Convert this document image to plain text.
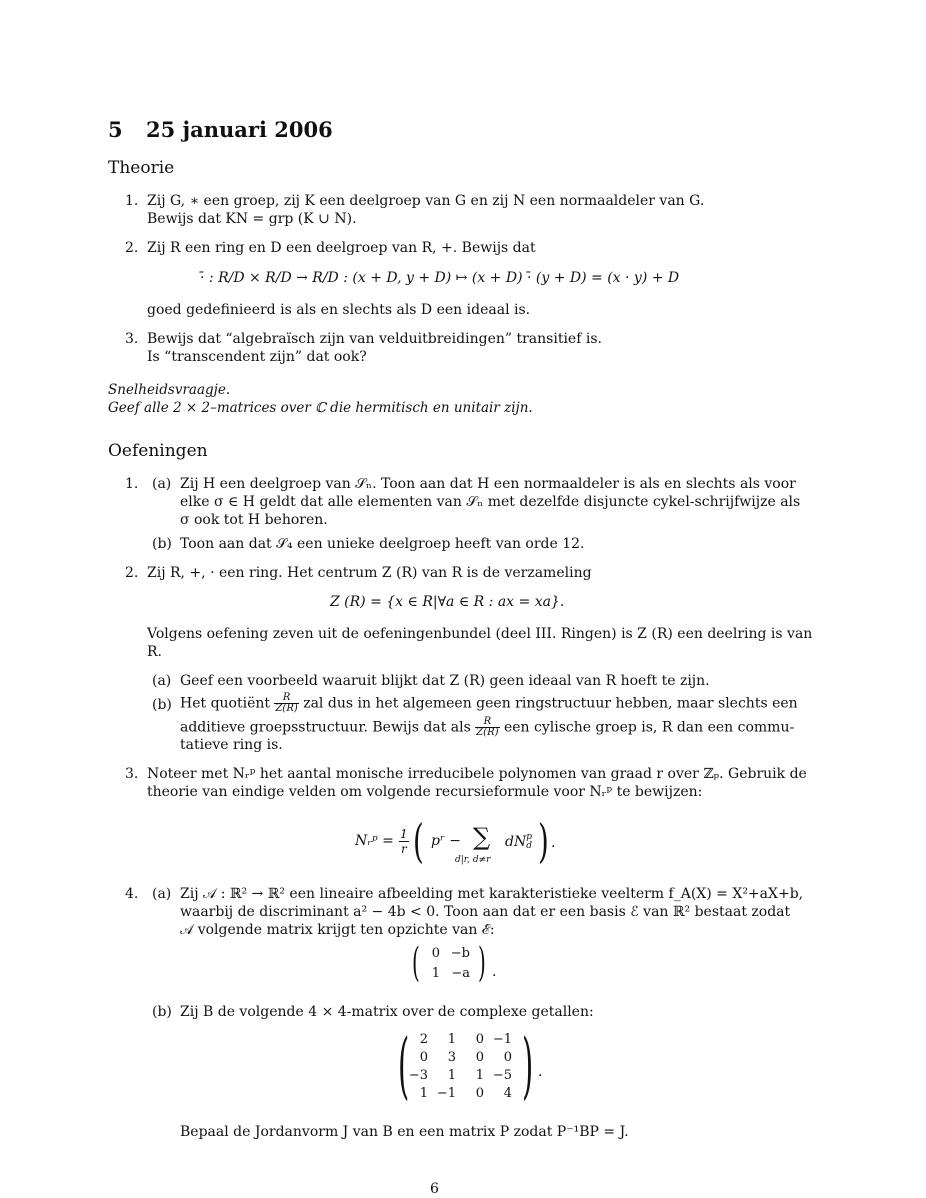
5 25 januari 2006
Theorie
1. Zij G, ∗ een groep, zij K een deelgroep van G en zij N een normaaldeler van G.
Bewijs dat KN = grp (K ∪ N).
2. Zij R een ring en D een deelgroep van R, +. Bewijs dat
·̄ : R/D × R/D → R/D : (x + D, y + D) ↦ (x + D) ·̄ (y + D) = (x · y) + D
goed gedefinieerd is als en slechts als D een ideaal is.
3. Bewijs dat “algebraïsch zijn van velduitbreidingen” transitief is.
Is “transcendent zijn” dat ook?
Snelheidsvraagje.
Geef alle 2 × 2–matrices over ℂ die hermitisch en unitair zijn.
Oefeningen
1. (a) Zij H een deelgroep van 𝒮ₙ. Toon aan dat H een normaaldeler is als en slechts als voor
elke σ ∈ H geldt dat alle elementen van 𝒮ₙ met dezelfde disjuncte cykel-schrijfwijze als
σ ook tot H behoren.
(b) Toon aan dat 𝒮₄ een unieke deelgroep heeft van orde 12.
2. Zij R, +, · een ring. Het centrum Z (R) van R is de verzameling
Z (R) = {x ∈ R|∀a ∈ R : ax = xa}.
Volgens oefening zeven uit de oefeningenbundel (deel III. Ringen) is Z (R) een deelring is van
R.
(a) Geef een voorbeeld waaruit blijkt dat Z (R) geen ideaal van R hoeft te zijn.
(b) Het quotiënt $\frac{R}{Z(R)}$ zal dus in het algemeen geen ringstructuur hebben, maar slechts een
additieve groepsstructuur. Bewijs dat als $\frac{R}{Z(R)}$ een cylische groep is, R dan een commu-
tatieve ring is.
3. Noteer met Nᵣᵖ het aantal monische irreducibele polynomen van graad r over ℤₚ. Gebruik de
theorie van eindige velden om volgende recursieformule voor Nᵣᵖ te bewijzen:
Nᵣᵖ = $\frac{1}{r}$ ( pʳ − ∑
d|r, d≠r
dN p
d ) .
4. (a) Zij 𝒜 : ℝ² → ℝ² een lineaire afbeelding met karakteristieke veelterm f_A(X) = X²+aX+b,
waarbij de discriminant a² − 4b < 0. Toon aan dat er een basis ℰ van ℝ² bestaat zodat
𝒜 volgende matrix krijgt ten opzichte van ℰ:
( ) .
0 −b
1 −a
(b) Zij B de volgende 4 × 4-matrix over de complexe getallen:
( ) .
2	1	0 −1
0	3	0	0
−3	1	1 −5
1 −1	0	4
Bepaal de Jordanvorm J van B en een matrix P zodat P⁻¹BP = J.
6
